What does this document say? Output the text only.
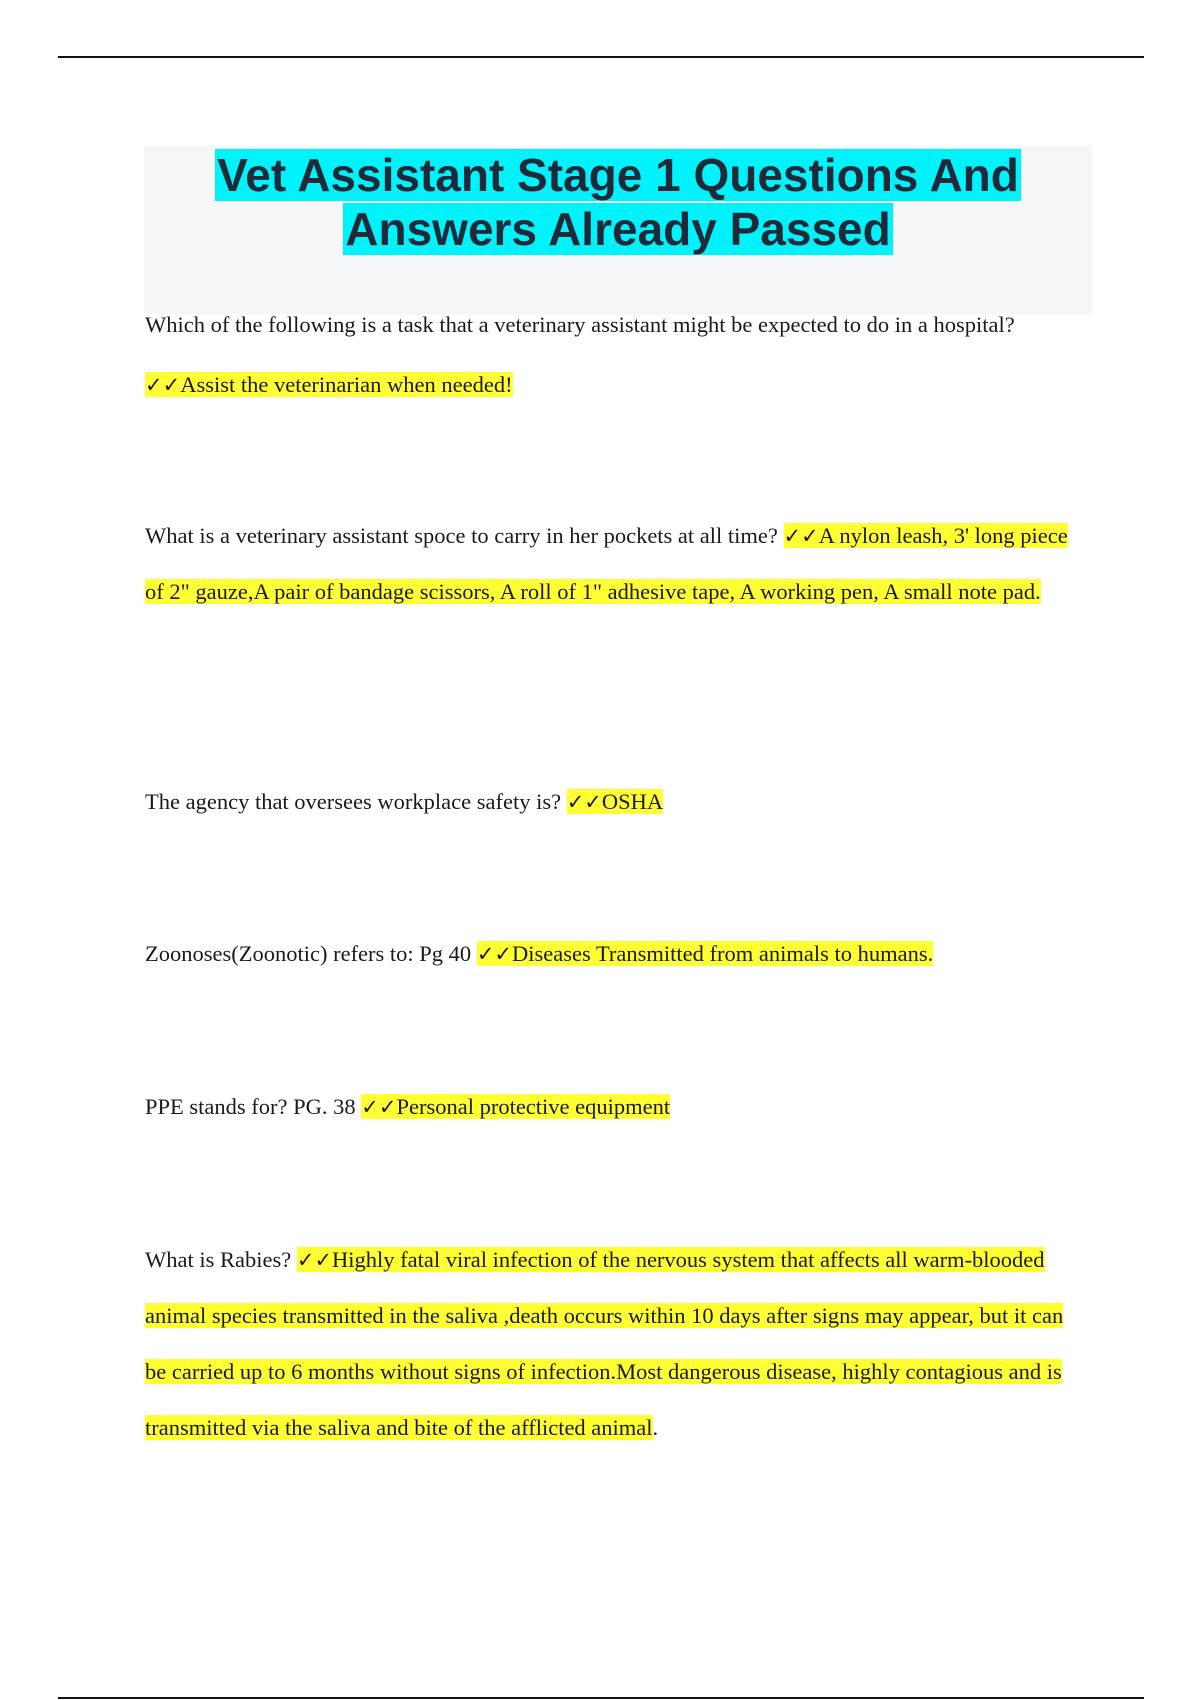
Vet Assistant Stage 1 Questions And
Answers Already Passed

Which of the following is a task that a veterinary assistant might be expected to do in a hospital?

✓✓Assist the veterinarian when needed!

What is a veterinary assistant spoce to carry in her pockets at all time? ✓✓A nylon leash, 3' long piece of 2" gauze,A pair of bandage scissors, A roll of 1" adhesive tape, A working pen, A small note pad.

The agency that oversees workplace safety is? ✓✓OSHA

Zoonoses(Zoonotic) refers to: Pg 40 ✓✓Diseases Transmitted from animals to humans.

PPE stands for? PG. 38 ✓✓Personal protective equipment

What is Rabies? ✓✓Highly fatal viral infection of the nervous system that affects all warm-blooded animal species transmitted in the saliva ,death occurs within 10 days after signs may appear, but it can be carried up to 6 months without signs of infection.Most dangerous disease, highly contagious and is transmitted via the saliva and bite of the afflicted animal.
